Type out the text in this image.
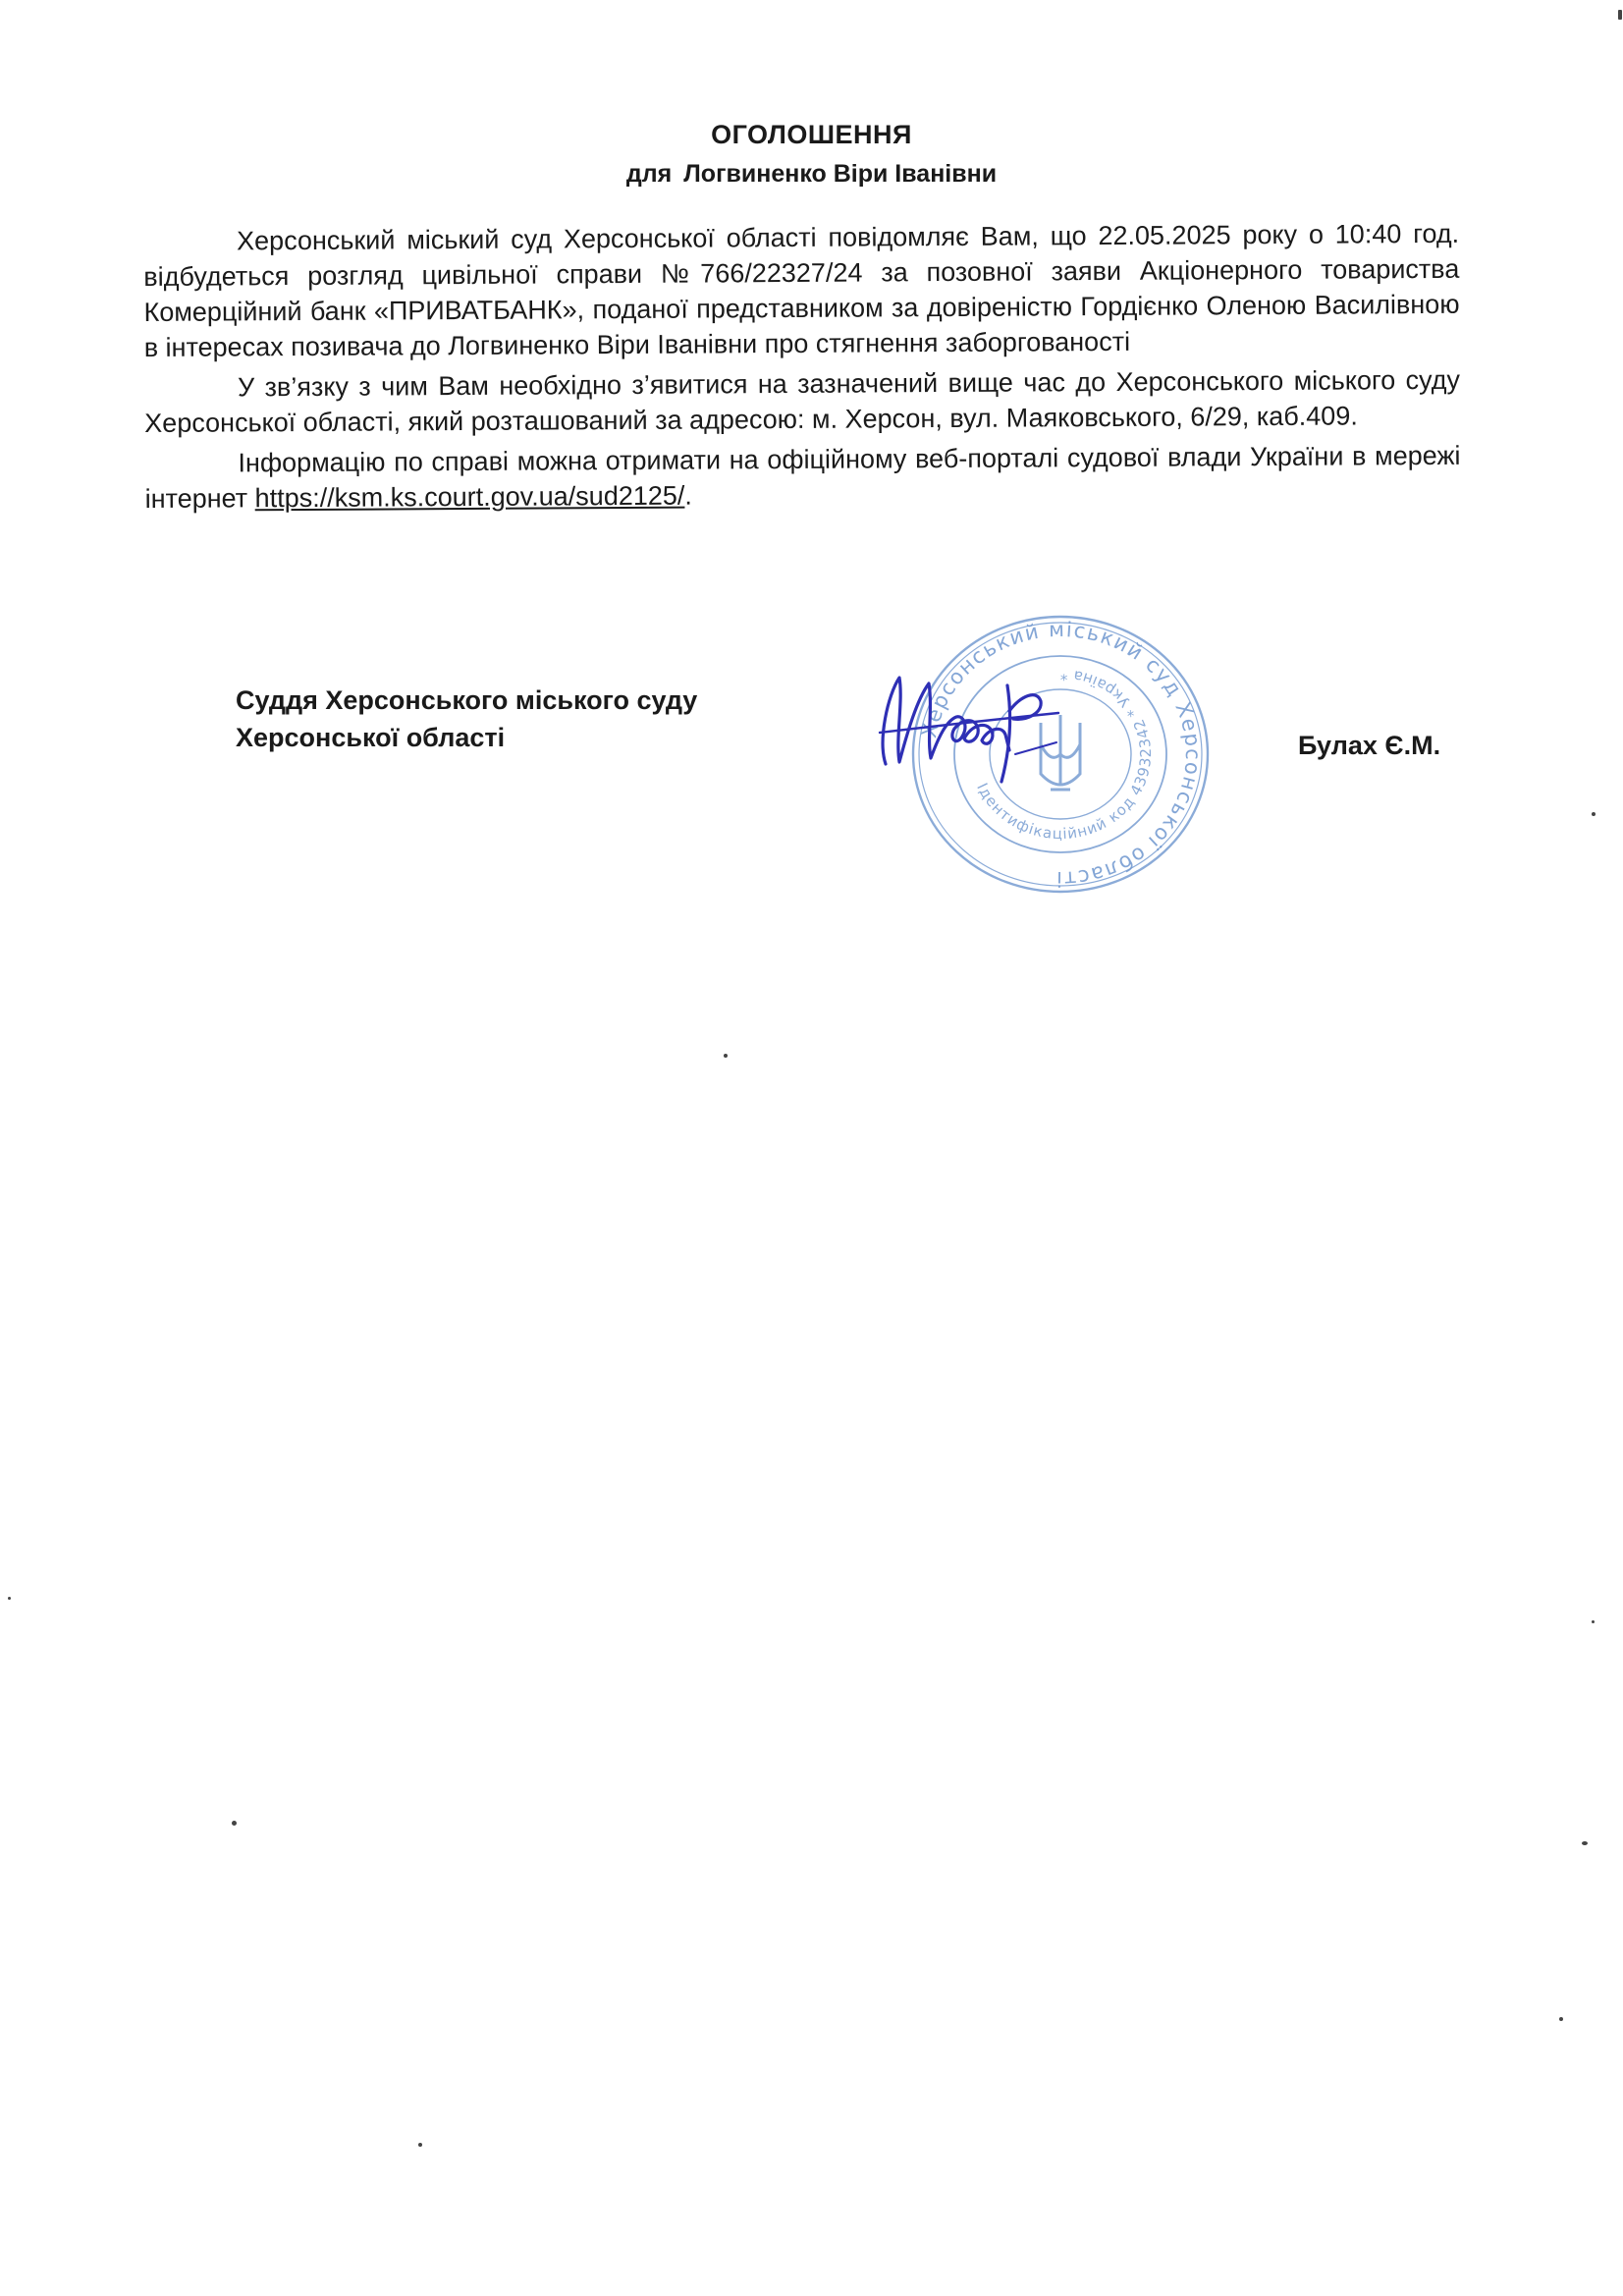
ОГОЛОШЕННЯ
для Логвиненко Віри Іванівни

Херсонський міський суд Херсонської області повідомляє Вам, що 22.05.2025 року о 10:40 год. відбудеться розгляд цивільної справи №766/22327/24 за позовної заяви Акціонерного товариства Комерційний банк «ПРИВАТБАНК», поданої представником за довіреністю Гордієнко Оленою Василівною в інтересах позивача до Логвиненко Віри Іванівни про стягнення заборгованості

У зв’язку з чим Вам необхідно з’явитися на зазначений вище час до Херсонського міського суду Херсонської області, який розташований за адресою: м. Херсон, вул. Маяковського, 6/29, каб.409.

Інформацію по справі можна отримати на офіційному веб-порталі судової влади України в мережі інтернет https://ksm.ks.court.gov.ua/sud2125/.

Суддя Херсонського міського суду
Херсонської області	Булах Є.М.
Херсонський міський суд Херсонської області
Ідентифікаційний код 43932342 * Україна *
